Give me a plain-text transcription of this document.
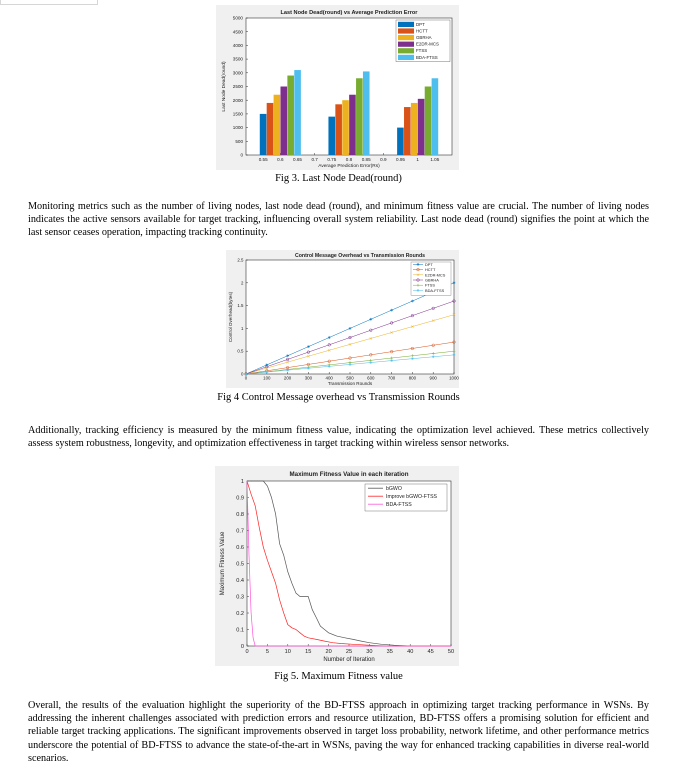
Last Node Dead(round) vs Average Prediction Error
0
500
1000
1500
2000
2500
3000
3500
4000
4500
5000
0.55 0.6 0.65 0.7 0.75 0.8 0.85 0.9 0.95 1 1.05
Average Prediction Error(Rs)
Last Node Dead(round)
DPT
HCTT
GBRHA
E2DR-MCS
FTSS
BDA-FTSS
Fig 3. Last Node Dead(round)

Monitoring metrics such as the number of living nodes, last node dead (round), and minimum fitness value are crucial. The number of living nodes indicates the active sensors available for target tracking, influencing overall system reliability. Last node dead (round) signifies the point at which the last sensor ceases operation, impacting tracking continuity.

Control Message Overhead vs Transmission Rounds
0	100	200	300	400	500	600	700	800	900	1000
0
0.5
1
1.5
2
2.5
Transmission Rounds
Control Overhead(bytes)
DPT
HCTT
E2DR-MCS
GBRHA
FTSS
BDA-FTSS
Fig 4 Control Message overhead vs Transmission Rounds

Additionally, tracking efficiency is measured by the minimum fitness value, indicating the optimization level achieved. These metrics collectively assess system robustness, longevity, and optimization effectiveness in target tracking within wireless sensor networks.

Maximum Fitness Value in each iteration
0	5	10	15	20	25	30	35	40	45	50
0
0.1
0.2
0.3
0.4
0.5
0.6
0.7
0.8
0.9
1
Number of Iteration
Maximum Fitness Value
bGWO
Improve bGWO-FTSS
BDA-FTSS
Fig 5. Maximum Fitness value

Overall, the results of the evaluation highlight the superiority of the BD-FTSS approach in optimizing target tracking performance in WSNs. By addressing the inherent challenges associated with prediction errors and resource utilization, BD-FTSS offers a promising solution for efficient and reliable target tracking applications. The significant improvements observed in target loss probability, network lifetime, and other performance metrics underscore the potential of BD-FTSS to advance the state-of-the-art in WSNs, paving the way for enhanced tracking capabilities in diverse real-world scenarios.
